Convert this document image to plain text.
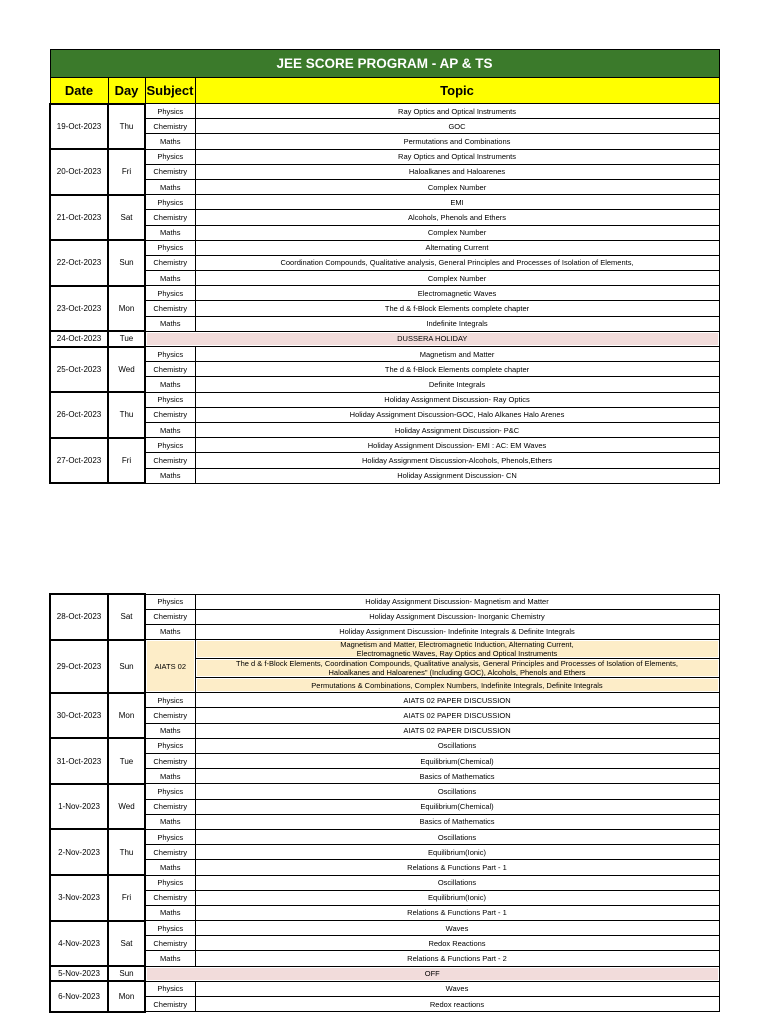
JEE SCORE PROGRAM - AP & TS			
Date	Day	Subject	Topic
19-Oct-2023	Thu	Physics	Ray Optics and Optical Instruments
		Chemistry	GOC
		Maths	Permutations and Combinations
20-Oct-2023	Fri	Physics	Ray Optics and Optical Instruments
		Chemistry	Haloalkanes and Haloarenes
		Maths	Complex Number
21-Oct-2023	Sat	Physics	EMI
		Chemistry	Alcohols, Phenols and Ethers
		Maths	Complex Number
22-Oct-2023	Sun	Physics	Alternating Current
		Chemistry	Coordination Compounds, Qualitative analysis, General Principles and Processes of Isolation of Elements,
		Maths	Complex Number
23-Oct-2023	Mon	Physics	Electromagnetic Waves
		Chemistry	The d & f-Block Elements complete chapter
		Maths	Indefinite Integrals
24-Oct-2023	Tue	DUSSERA HOLIDAY	
25-Oct-2023	Wed	Physics	Magnetism and Matter
		Chemistry	The d & f-Block Elements complete chapter
		Maths	Definite Integrals
26-Oct-2023	Thu	Physics	Holiday Assignment Discussion- Ray Optics
		Chemistry	Holiday Assignment Discussion-GOC, Halo Alkanes Halo Arenes
		Maths	Holiday Assignment Discussion- P&C
27-Oct-2023	Fri	Physics	Holiday Assignment Discussion- EMI : AC: EM Waves
		Chemistry	Holiday Assignment Discussion-Alcohols, Phenols,Ethers
		Maths	Holiday Assignment Discussion- CN
28-Oct-2023	Sat	Physics	Holiday Assignment Discussion- Magnetism and Matter
		Chemistry	Holiday Assignment Discussion- Inorganic Chemistry
		Maths	Holiday Assignment Discussion- Indefinite Integrals & Definite Integrals
29-Oct-2023	Sun	AIATS 02	Magnetism and Matter, Electromagnetic Induction, Alternating Current,
Electromagnetic Waves, Ray Optics and Optical Instruments
			The d & f-Block Elements, Coordination Compounds, Qualitative analysis, General Principles and Processes of Isolation of Elements,
Haloalkanes and Haloarenes" (Including GOC), Alcohols, Phenols and Ethers
			Permutations & Combinations, Complex Numbers, Indefinite Integrals, Definite Integrals
30-Oct-2023	Mon	Physics	AIATS 02 PAPER DISCUSSION
		Chemistry	AIATS 02 PAPER DISCUSSION
		Maths	AIATS 02 PAPER DISCUSSION
31-Oct-2023	Tue	Physics	Oscillations
		Chemistry	Equilibrium(Chemical)
		Maths	Basics of Mathematics
1-Nov-2023	Wed	Physics	Oscillations
		Chemistry	Equilibrium(Chemical)
		Maths	Basics of Mathematics
2-Nov-2023	Thu	Physics	Oscillations
		Chemistry	Equilibrium(Ionic)
		Maths	Relations & Functions Part - 1
3-Nov-2023	Fri	Physics	Oscillations
		Chemistry	Equilibrium(Ionic)
		Maths	Relations & Functions Part - 1
4-Nov-2023	Sat	Physics	Waves
		Chemistry	Redox Reactions
		Maths	Relations & Functions Part - 2
5-Nov-2023	Sun	OFF	
6-Nov-2023	Mon	Physics	Waves
		Chemistry	Redox reactions
